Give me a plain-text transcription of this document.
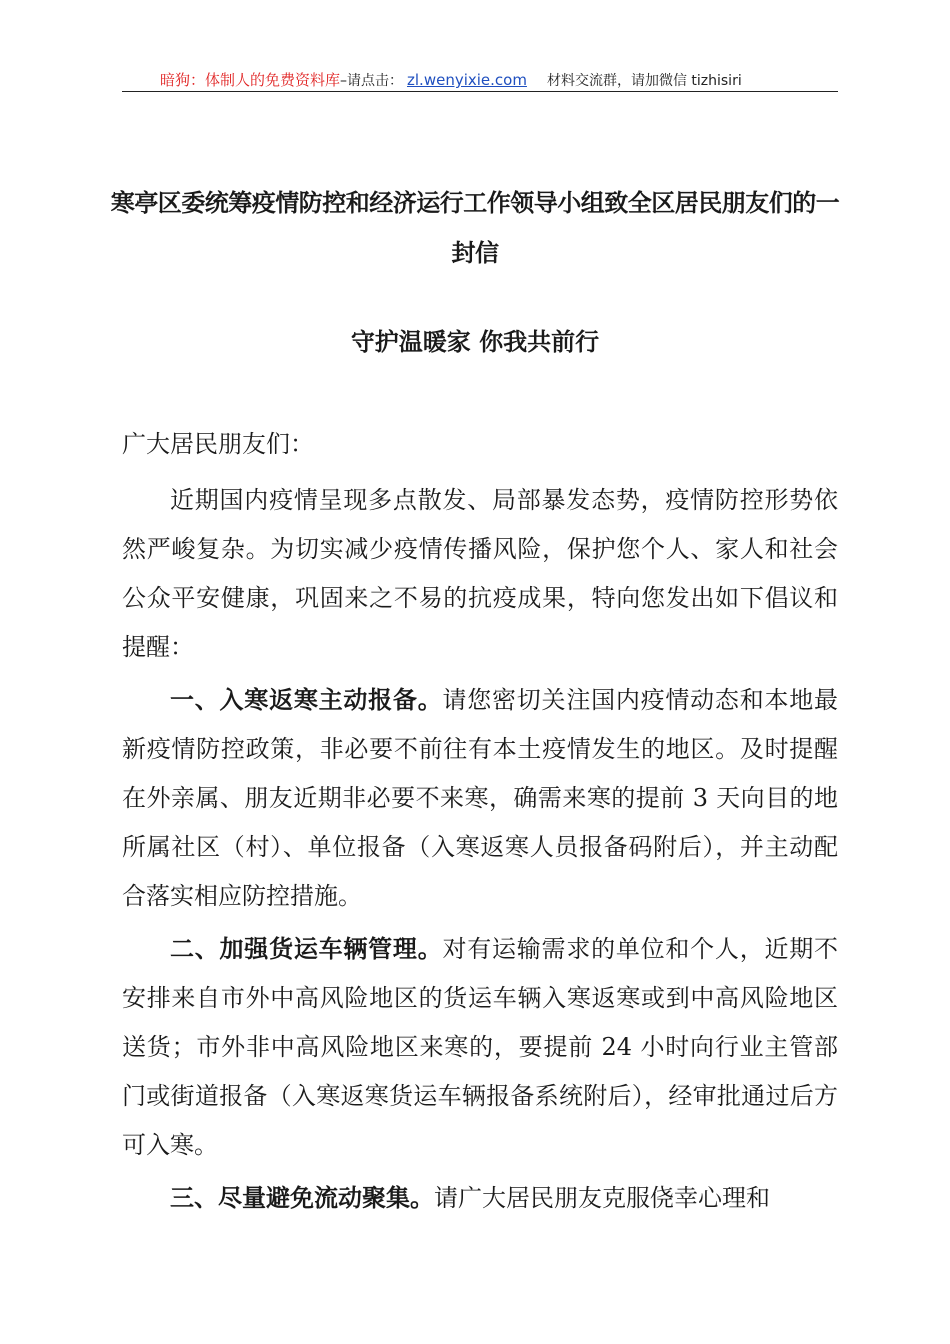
暗狗：体制人的免费资料库 –请点击： zl.wenyixie.com 材料交流群，请加微信 tizhisiri
寒亭区委统筹疫情防控和经济运行工作领导小组致全区居民朋友们的一封信
守护温暖家 你我共前行

广大居民朋友们：

近期国内疫情呈现多点散发、局部暴发态势，疫情防控形势依然严峻复杂。为切实减少疫情传播风险，保护您个人、家人和社会公众平安健康，巩固来之不易的抗疫成果，特向您发出如下倡议和提醒：

一、入寒返寒主动报备。请您密切关注国内疫情动态和本地最新疫情防控政策，非必要不前往有本土疫情发生的地区。及时提醒在外亲属、朋友近期非必要不来寒，确需来寒的提前 3 天向目的地所属社区（村）、单位报备（入寒返寒人员报备码附后），并主动配合落实相应防控措施。

二、加强货运车辆管理。对有运输需求的单位和个人，近期不安排来自市外中高风险地区的货运车辆入寒返寒或到中高风险地区送货；市外非中高风险地区来寒的，要提前 24 小时向行业主管部门或街道报备（入寒返寒货运车辆报备系统附后），经审批通过后方可入寒。

三、尽量避免流动聚集。请广大居民朋友克服侥幸心理和
